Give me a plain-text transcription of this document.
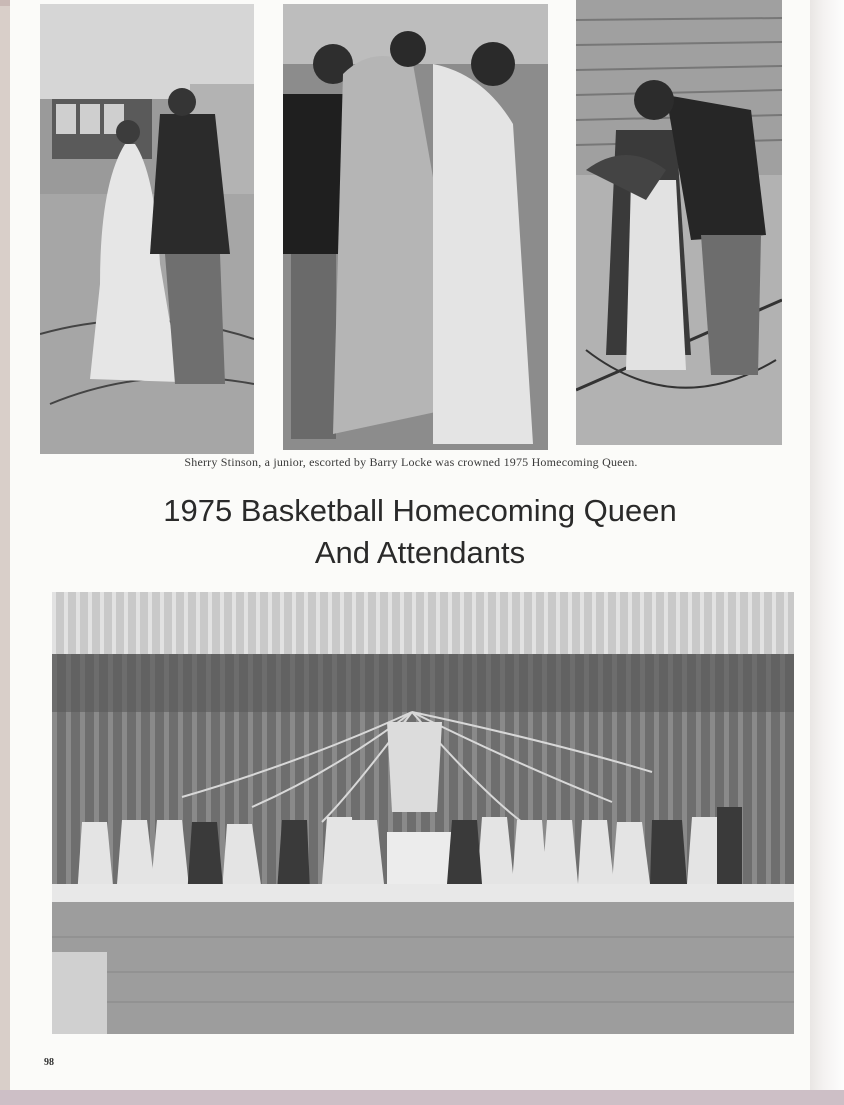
Sherry Stinson, a junior, escorted by Barry Locke was crowned 1975 Homecoming Queen.
1975 Basketball Homecoming Queen
And Attendants
98
